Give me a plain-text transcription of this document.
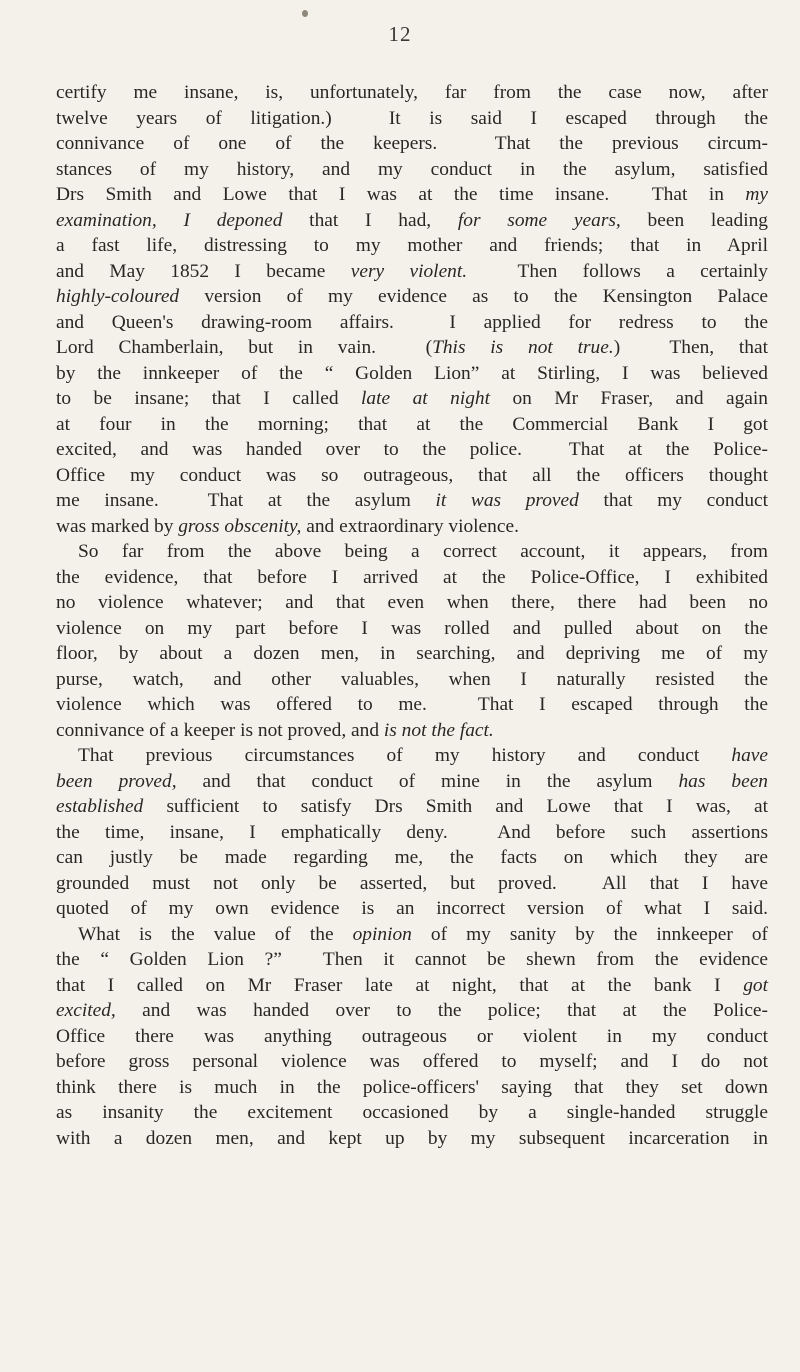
12
certify me insane, is, unfortunately, far from the case now, after
twelve years of litigation.)  It is said I escaped through the
connivance of one of the keepers.  That the previous circum-
stances of my history, and my conduct in the asylum, satisfied
Drs Smith and Lowe that I was at the time insane.  That in my
examination, I deponed that I had, for some years, been leading
a fast life, distressing to my mother and friends; that in April
and May 1852 I became very violent.  Then follows a certainly
highly-coloured version of my evidence as to the Kensington Palace
and Queen's drawing-room affairs.  I applied for redress to the
Lord Chamberlain, but in vain.  (This is not true.)  Then, that
by the innkeeper of the “ Golden Lion” at Stirling, I was believed
to be insane; that I called late at night on Mr Fraser, and again
at four in the morning; that at the Commercial Bank I got
excited, and was handed over to the police.  That at the Police-
Office my conduct was so outrageous, that all the officers thought
me insane.  That at the asylum it was proved that my conduct
was marked by gross obscenity, and extraordinary violence.
So far from the above being a correct account, it appears, from
the evidence, that before I arrived at the Police-Office, I exhibited
no violence whatever; and that even when there, there had been no
violence on my part before I was rolled and pulled about on the
floor, by about a dozen men, in searching, and depriving me of my
purse, watch, and other valuables, when I naturally resisted the
violence which was offered to me.  That I escaped through the
connivance of a keeper is not proved, and is not the fact.
That previous circumstances of my history and conduct have
been proved, and that conduct of mine in the asylum has been
established sufficient to satisfy Drs Smith and Lowe that I was, at
the time, insane, I emphatically deny.  And before such assertions
can justly be made regarding me, the facts on which they are
grounded must not only be asserted, but proved.  All that I have
quoted of my own evidence is an incorrect version of what I said.
What is the value of the opinion of my sanity by the innkeeper of
the “ Golden Lion ?”  Then it cannot be shewn from the evidence
that I called on Mr Fraser late at night, that at the bank I got
excited, and was handed over to the police; that at the Police-
Office there was anything outrageous or violent in my conduct
before gross personal violence was offered to myself; and I do not
think there is much in the police-officers' saying that they set down
as insanity the excitement occasioned by a single-handed struggle
with a dozen men, and kept up by my subsequent incarceration in
